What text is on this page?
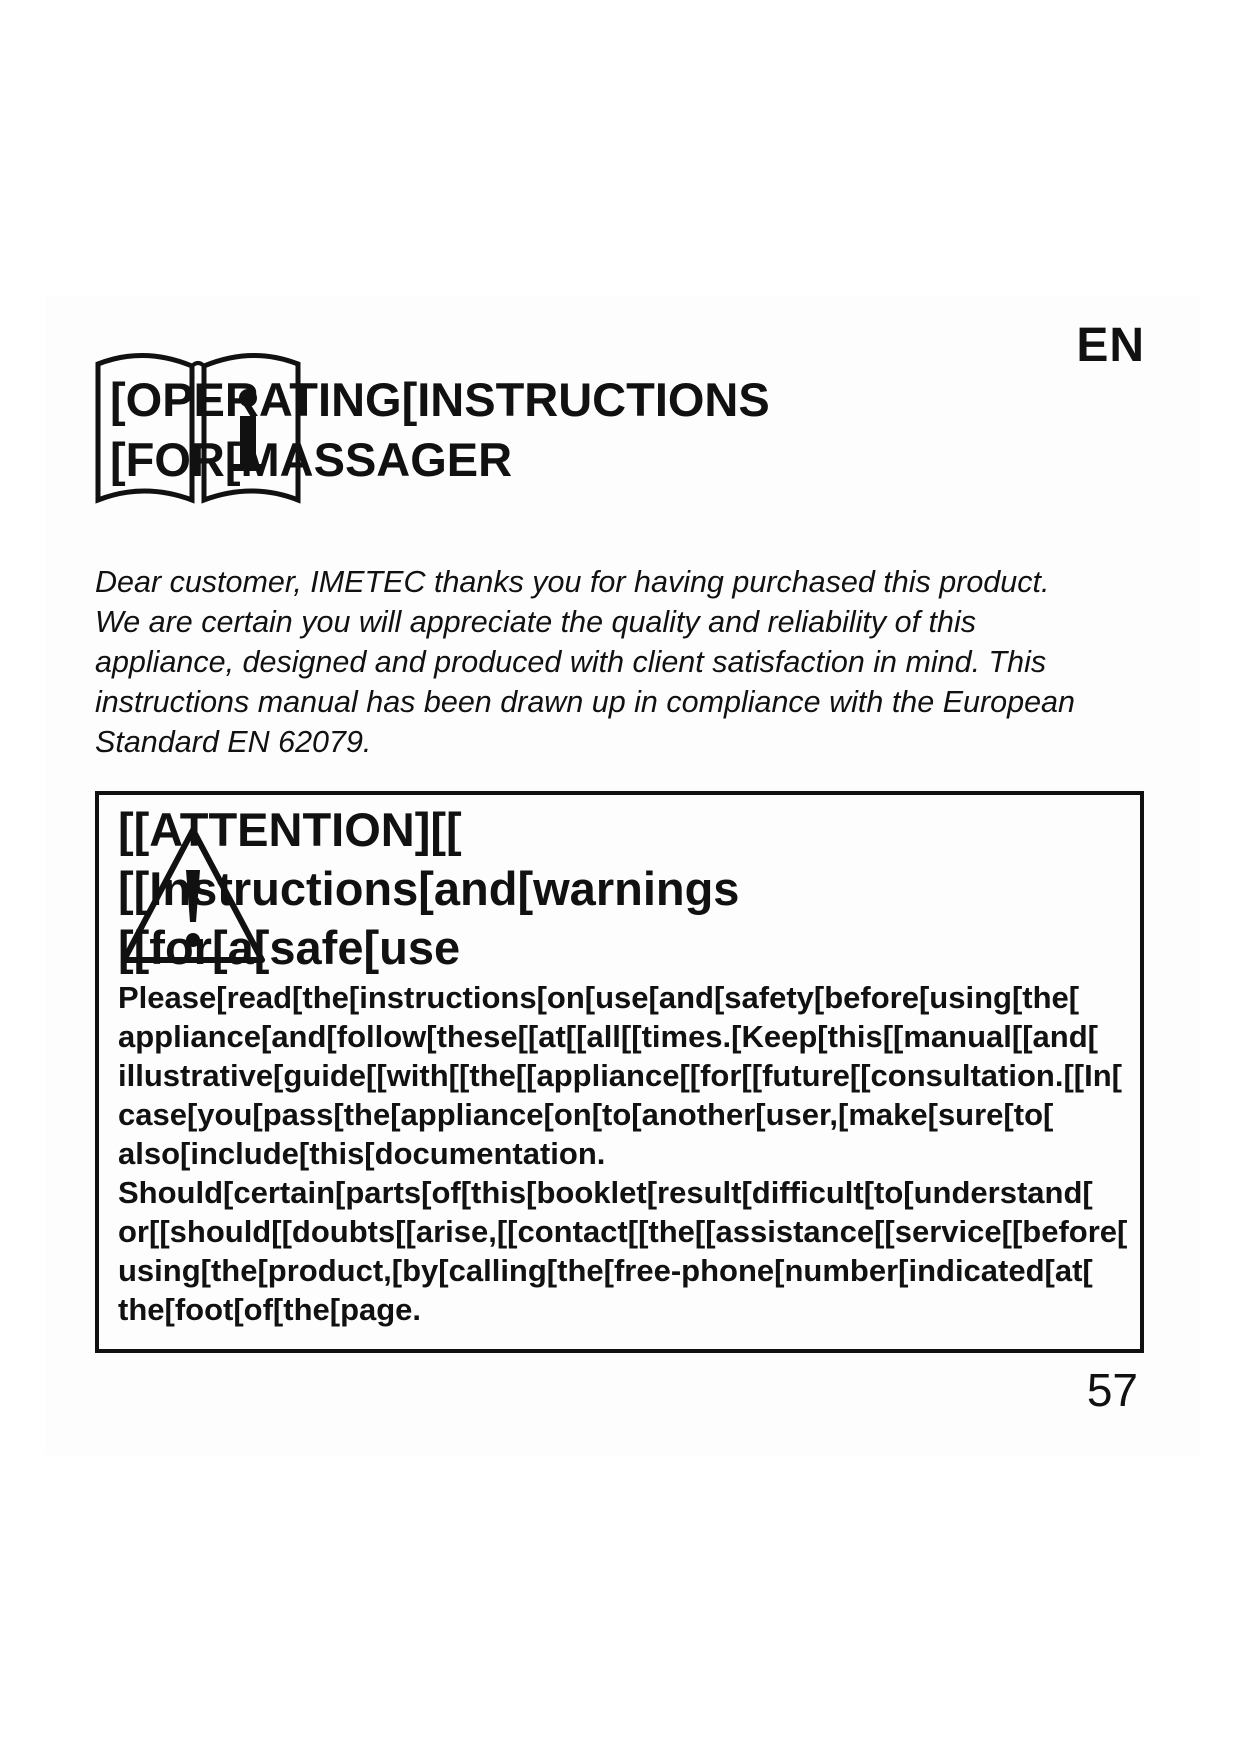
EN
[OPERATING[INSTRUCTIONS
[FOR[MASSAGER

Dear customer, IMETEC thanks you for having purchased this product.
We are certain you will appreciate the quality and reliability of this
appliance, designed and produced with client satisfaction in mind. This
instructions manual has been drawn up in compliance with the European
Standard EN 62079.

[[ATTENTION][[
[[Instructions[and[warnings
[[for[a[safe[use

Please[read[the[instructions[on[use[and[safety[before[using[the[
appliance[and[follow[these[[at[[all[[times.[Keep[this[[manual[[and[
illustrative[guide[[with[[the[[appliance[[for[[future[[consultation.[[In[
case[you[pass[the[appliance[on[to[another[user,[make[sure[to[
also[include[this[documentation.
Should[certain[parts[of[this[booklet[result[difficult[to[understand[
or[[should[[doubts[[arise,[[contact[[the[[assistance[[service[[before[
using[the[product,[by[calling[the[free-phone[number[indicated[at[
the[foot[of[the[page.

57
